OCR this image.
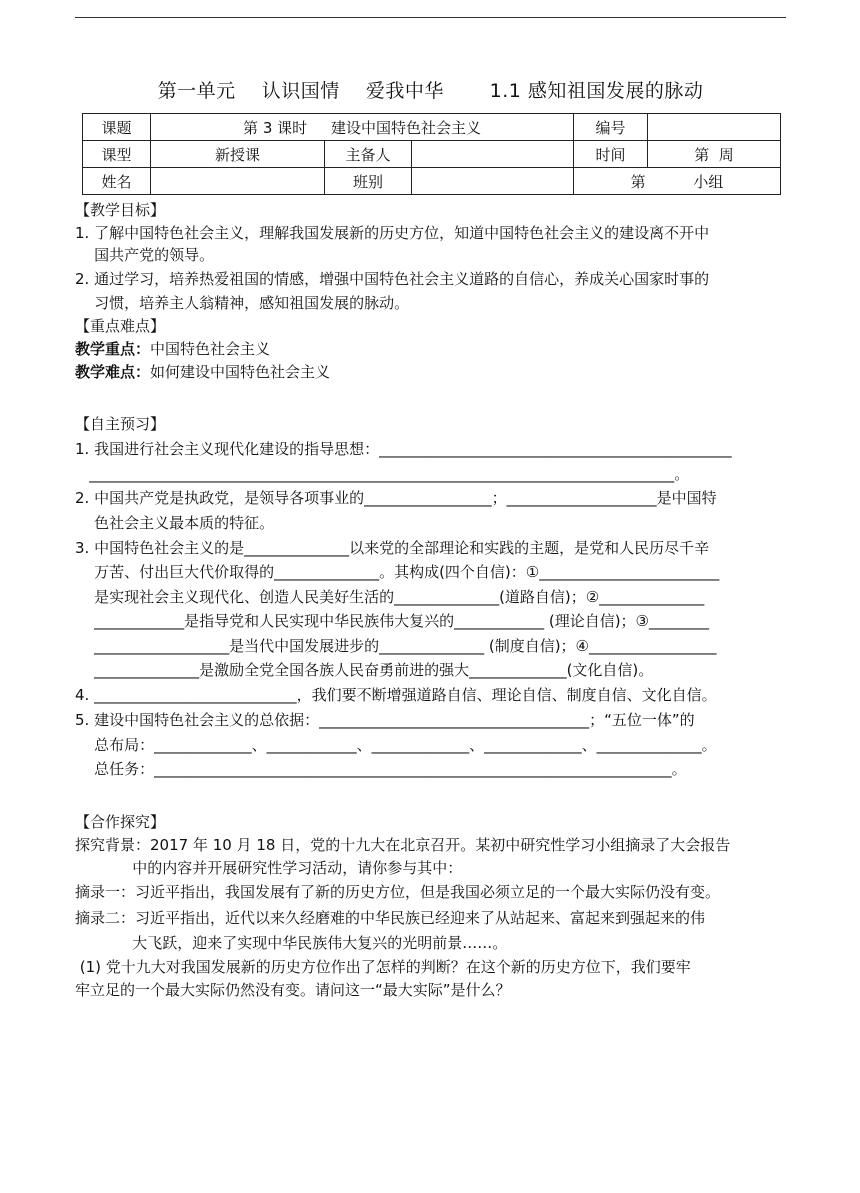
第一单元    认识国情    爱我中华       1.1 感知祖国发展的脉动
课题	第 3 课时     建设中国特色社会主义			编号	
课型	新授课	主备人		时间	第  周
姓名		班别		第          小组	
【教学目标】
1. 了解中国特色社会主义，理解我国发展新的历史方位，知道中国特色社会主义的建设离不开中
国共产党的领导。
2. 通过学习，培养热爱祖国的情感，增强中国特色社会主义道路的自信心，养成关心国家时事的
习惯，培养主人翁精神，感知祖国发展的脉动。
【重点难点】
教学重点：中国特色社会主义
教学难点：如何建设中国特色社会主义
【自主预习】
1. 我国进行社会主义现代化建设的指导思想：_______________________________________________
______________________________________________________________________________。
2. 中国共产党是执政党，是领导各项事业的_________________；____________________是中国特
色社会主义最本质的特征。
3. 中国特色社会主义的是______________以来党的全部理论和实践的主题，是党和人民历尽千辛
万苦、付出巨大代价取得的______________。其构成(四个自信)：①________________________
是实现社会主义现代化、创造人民美好生活的______________(道路自信)；②______________
____________是指导党和人民实现中华民族伟大复兴的____________ (理论自信)；③________
__________________是当代中国发展进步的______________ (制度自信)；④_________________
______________是激励全党全国各族人民奋勇前进的强大_____________(文化自信)。
4. ___________________________，我们要不断增强道路自信、理论自信、制度自信、文化自信。
5. 建设中国特色社会主义的总依据：____________________________________；“五位一体”的
总布局：_____________、____________、_____________、_____________、______________。
总任务：_____________________________________________________________________。
【合作探究】
探究背景：2017 年 10 月 18 日，党的十九大在北京召开。某初中研究性学习小组摘录了大会报告
中的内容并开展研究性学习活动，请你参与其中：
摘录一：习近平指出，我国发展有了新的历史方位，但是我国必须立足的一个最大实际仍没有变。
摘录二：习近平指出，近代以来久经磨难的中华民族已经迎来了从站起来、富起来到强起来的伟
大飞跃，迎来了实现中华民族伟大复兴的光明前景……。
(1) 党十九大对我国发展新的历史方位作出了怎样的判断？在这个新的历史方位下，我们要牢
牢立足的一个最大实际仍然没有变。请问这一“最大实际”是什么？
